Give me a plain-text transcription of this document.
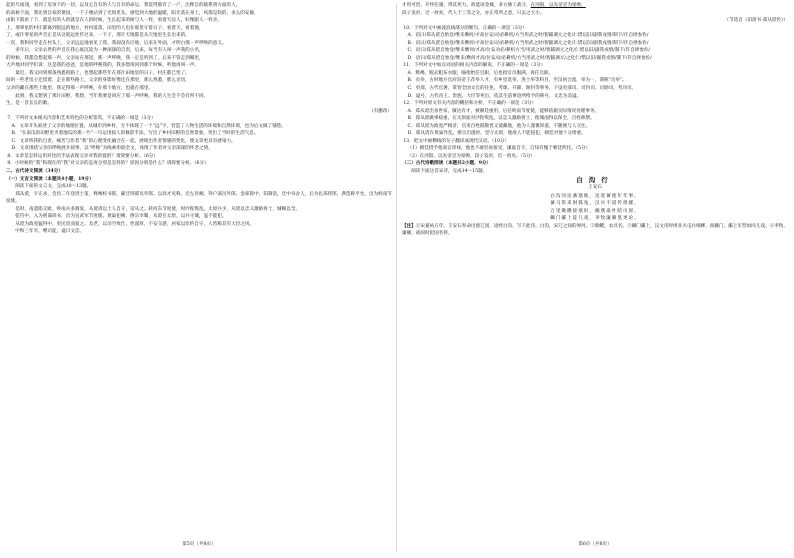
起的鸟尾翎，看到了房顶下的一切，以及它自有的人与自有的命运，我觉得都有了一户，注释自的联系到方面的人，

的高树下面，我先到自家的菜园，一下子便站到了光斑里头，感觉到大地的温暖，阳光落在身上，风都是软的，多么的安静，

由阳下就看了下，就是有的人的就是在人的时候，生长起来的树与人一样，看着天边人，好像跟人一样亲，

上，那零星的村庄都离到很远的地方，村村落落，田里的人也在那里守着日子，看着天，看着地，

了，或许零星的声音正是从这般远处传过来，一下子，那片天地都是从天地里生长出来的，

一次，我和同学走在村头上，父亲远远地看见了我，我却没有应他，后来在外面，才明白那一声呼唤的意义。

多年后，父亲去世的声音在我心底沉淀为一种深深的自责，后来，每当有人叫一声我的小名，

的时候，我都会想起那一声，父亲站在那里，那一声呼唤，我一定是听到了，后来不管走到哪里，

大声地对同学们说：这是我的爸爸，是他的呼唤我的，我多想再回到那个时候，听他再叫一声。

最近，我又回到那条熟悉的路上，也想起那些年在那片田地里的日子，村庄都已变了，

间的一些老房子还留着，走在那些路上，父亲的身影好像还在那里，那么熟悉，那么亲切，

父亲的藏在那些土地里，我记得那一声呼唤，在那个地方，也就在那里。

此刻，我又想到了那片田野，我想，当年我要是回应了那一声呼唤，我的人生会不会有所不同，

生，是一首长长的歌。

（有删改）

7．下列对文本相关内容和艺术特色的分析鉴赏，不正确的一项是（3分）

A．文章开头叙述了父亲的地理位置，从城市到乡村，无不体现了一个“远”字，营造了人物生活的环境和自然环境，也为后文做了铺垫。

B．“在南瓜的田野里夹着地瓜的那一片”一句运用拟人的修辞手法，写出了乡村田野的自然景象，突出了当时的生活气息。

C．文章将我的自责、痛苦与作者“我”的心理变化融合在一起，展现出作者情感的变化，使文章更具有感染力。

D．文章围绕父亲的呼唤展开叙事，以“呼唤”为线索串联全文，体现了作者对父亲深深的怀念之情。

8．文章是怎样运用对比的手法表现父亲对我的爱的？请简要分析。（6分）

9．小时候的“我”和现在的“我”对父亲的态度分别是怎样的？原因分别是什么？请简要分析。（6分）

二、古代诗文阅读（34分）

（一）文言文阅读（本题共4小题，19分）

阅读下面的文言文，完成10～13题。

郑从谠，字正求，会昌二年登进士第，释褐校书郎，累迁刑部员外郎。以高才见称，迁左补阙，拜户部员外郎、金部郎中，知制诰，迁中书舍人，后为礼部侍郎，典选称平允，出为岭南节度使。

是时，南蛮陷交趾，岭南兵多调发，从谠请以土人自守，诏从之。转河东节度使，时沙陀叛乱，太原兵少，从谠以忠义激励将士，城赖以全。

乾符中，入为刑部尚书，出为宣武军节度使。黄巢犯阙，僖宗幸蜀，从谠在太原，以兵守城，寇不能犯。

从谠为政宽猛得中，吏民畏而爱之。及老，以司空致仕。性谨厚，不妄交游，居家以俭约自守，人皆称其有大臣之风。

中和三年卒，赠司徒，谥曰文忠。

第5页（共8页）

才用可贵，开怀任遇，得其死力。故能屏金城，多方修工战守，在河阳，以先帝尝为梁帅，

段子发府，近一放矣，代人于三等之分，亦正常所之意，只去之大小。

（节选自《旧唐书·郑从谠传》）

10．下列对文中画波浪线部分的断句，正确的一项是（3分）

A．语曰/郑从谠自始登/继未膺何/才高位安/动必耕机/方当用武之时/智辅调元之化/仁惜以旧/副我戎情/制下/许自择参佐/

B．语曰/郑从谠自始登/继未膺何/才高位安/动必耕机/方当用武之时/智辅调元之化/仁惜以旧/副我戎情/制下/许自择参佐/

C．语曰/郑从谠自始登/继未膺何/才高/位安动必/耕机方当/用武之时/智辅调元之化/仁惜以旧/副我戎情/制下/许自择参佐/

D．语曰/郑从谠自始登/继未/膺何才高/位安/动必耕机/方当用武之时/智辅调元/之化仁/惜以旧/副我戎情/制下/许自择参佐/

11．下列对文中加点词语的相关内容的解说，不正确的一项是（3分）

A．释褐，脱去粗布衣服，喻指始任官职，后也指官员服满，再任官职。

B．贡举，古时地方官府向帝王荐举人才，有乡里选举、进士举等科目，至汉初合流，举为一，谓称“贡举”。

C．吏部，古代官署，掌管全国文官的任免、考课、升降、勋封等事务，下设吏部司、司封司、司勋司、考功司。

D．谥号，古代帝王、贵族、大臣等死后，依其生前事迹所给予的称号，文忠为美谥。

12．下列对原文有关内容的概括和分析，不正确的一项是（3分）

A．郑从谠出身世家，敏达有才，被朝廷重用，后任岭南节度使，能够依据实际情况处理事务。

B．郑从谠做事稳重，在太原面对沙陀叛乱，以忠义激励将士，使城池得以保全，百姓称赞。

C．郑从谠为政宽严相济，官吏百姓既敬畏又爱戴他，他为人谨慎厚道，不随便与人交往。

D．郑从谠在黄巢作乱、僖宗出逃时，坚守太原，使敌人不能侵犯，朝廷对他十分倚重。

13．把文中画横线的句子翻译成现代汉语。（10分）

（1）朝廷授予他高官厚禄，他也不敢轻易接受，谦虚自守，自知有愧于朝廷所托。（5分）

（2）在河阳，以先帝尝为梁帅，段子发府，近一放矣。（5分）

（二）古代诗歌阅读（本题共2小题，9分）

阅读下面这首宋诗，完成14～15题。

白沟行

王安石

白沟河边蕃塞地，送迎蕃使年年事。

蕃马常来射狐兔，汉兵不道传烽燧。

万里锄耰接塞垣，幽燕桑叶暗川原。

棘门灞上徒儿戏，李牧廉颇莫更论。

【注】①宋嘉祐五年，王安石奉命出使辽国，途经白沟，写下此诗。白沟，宋辽之间的界河。②锄耰，农具名。③棘门灞上，汉文帝时周亚夫屯兵细柳，而棘门、灞上军营如同儿戏。④李牧、廉颇，战国时赵国名将。

第6页（共8页）
